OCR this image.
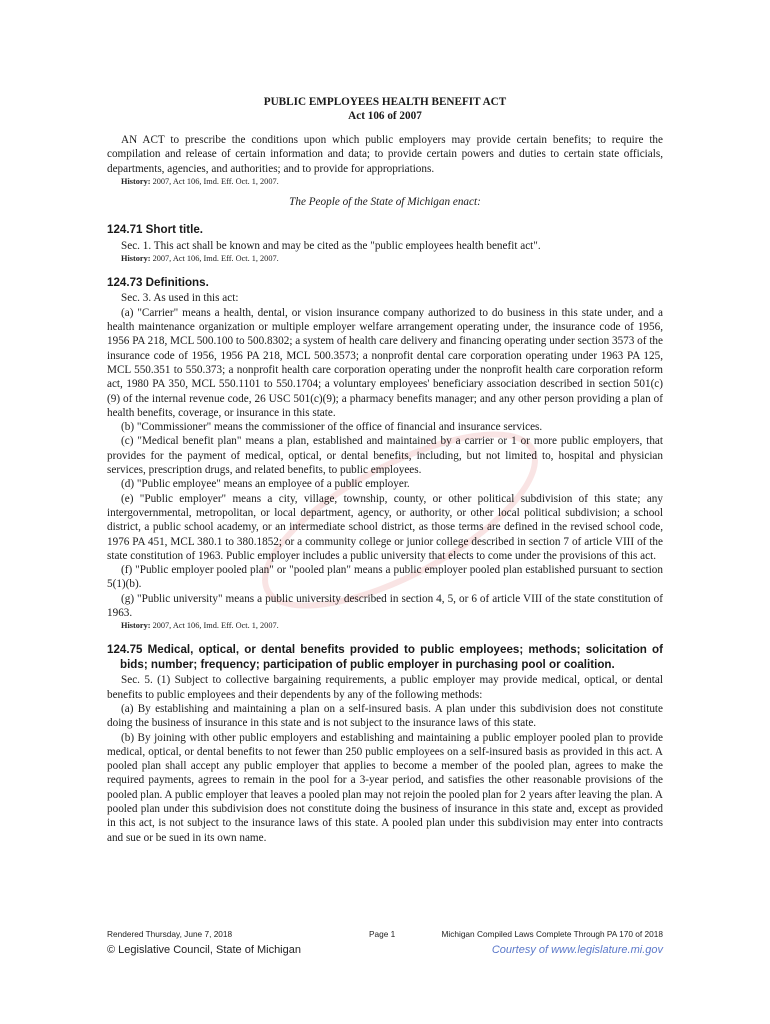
PUBLIC EMPLOYEES HEALTH BENEFIT ACT
Act 106 of 2007

AN ACT to prescribe the conditions upon which public employers may provide certain benefits; to require the compilation and release of certain information and data; to provide certain powers and duties to certain state officials, departments, agencies, and authorities; and to provide for appropriations.

History: 2007, Act 106, Imd. Eff. Oct. 1, 2007.
The People of the State of Michigan enact:
124.71 Short title.

Sec. 1. This act shall be known and may be cited as the "public employees health benefit act".

History: 2007, Act 106, Imd. Eff. Oct. 1, 2007.
124.73 Definitions.

Sec. 3. As used in this act:

(a) "Carrier" means a health, dental, or vision insurance company authorized to do business in this state under, and a health maintenance organization or multiple employer welfare arrangement operating under, the insurance code of 1956, 1956 PA 218, MCL 500.100 to 500.8302; a system of health care delivery and financing operating under section 3573 of the insurance code of 1956, 1956 PA 218, MCL 500.3573; a nonprofit dental care corporation operating under 1963 PA 125, MCL 550.351 to 550.373; a nonprofit health care corporation operating under the nonprofit health care corporation reform act, 1980 PA 350, MCL 550.1101 to 550.1704; a voluntary employees' beneficiary association described in section 501(c)(9) of the internal revenue code, 26 USC 501(c)(9); a pharmacy benefits manager; and any other person providing a plan of health benefits, coverage, or insurance in this state.

(b) "Commissioner" means the commissioner of the office of financial and insurance services.

(c) "Medical benefit plan" means a plan, established and maintained by a carrier or 1 or more public employers, that provides for the payment of medical, optical, or dental benefits, including, but not limited to, hospital and physician services, prescription drugs, and related benefits, to public employees.

(d) "Public employee" means an employee of a public employer.

(e) "Public employer" means a city, village, township, county, or other political subdivision of this state; any intergovernmental, metropolitan, or local department, agency, or authority, or other local political subdivision; a school district, a public school academy, or an intermediate school district, as those terms are defined in the revised school code, 1976 PA 451, MCL 380.1 to 380.1852; or a community college or junior college described in section 7 of article VIII of the state constitution of 1963. Public employer includes a public university that elects to come under the provisions of this act.

(f) "Public employer pooled plan" or "pooled plan" means a public employer pooled plan established pursuant to section 5(1)(b).

(g) "Public university" means a public university described in section 4, 5, or 6 of article VIII of the state constitution of 1963.

History: 2007, Act 106, Imd. Eff. Oct. 1, 2007.
124.75 Medical, optical, or dental benefits provided to public employees; methods; solicitation of bids; number; frequency; participation of public employer in purchasing pool or coalition.

Sec. 5. (1) Subject to collective bargaining requirements, a public employer may provide medical, optical, or dental benefits to public employees and their dependents by any of the following methods:

(a) By establishing and maintaining a plan on a self-insured basis. A plan under this subdivision does not constitute doing the business of insurance in this state and is not subject to the insurance laws of this state.

(b) By joining with other public employers and establishing and maintaining a public employer pooled plan to provide medical, optical, or dental benefits to not fewer than 250 public employees on a self-insured basis as provided in this act. A pooled plan shall accept any public employer that applies to become a member of the pooled plan, agrees to make the required payments, agrees to remain in the pool for a 3-year period, and satisfies the other reasonable provisions of the pooled plan. A public employer that leaves a pooled plan may not rejoin the pooled plan for 2 years after leaving the plan. A pooled plan under this subdivision does not constitute doing the business of insurance in this state and, except as provided in this act, is not subject to the insurance laws of this state. A pooled plan under this subdivision may enter into contracts and sue or be sued in its own name.

Rendered Thursday, June 7, 2018	Page 1	Michigan Compiled Laws Complete Through PA 170 of 2018
© Legislative Council, State of Michigan	Courtesy of www.legislature.mi.gov
